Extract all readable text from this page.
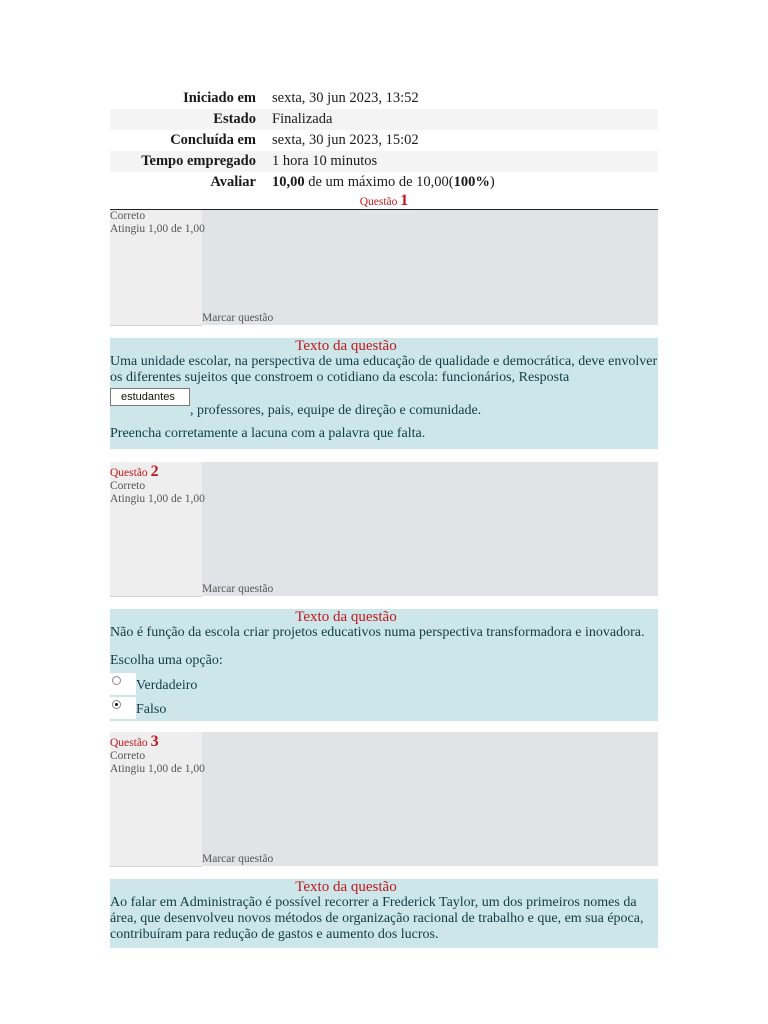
Iniciado em	sexta, 30 jun 2023, 13:52
Estado	Finalizada
Concluída em	sexta, 30 jun 2023, 15:02
Tempo empregado	1 hora 10 minutos
Avaliar	10,00 de um máximo de 10,00(100%)
Questão 1
Correto
Atingiu 1,00 de 1,00
Marcar questão
Texto da questão
Uma unidade escolar, na perspectiva de uma educação de qualidade e democrática, deve envolver os diferentes sujeitos que constroem o cotidiano da escola: funcionários, Resposta
estudantes, professores, pais, equipe de direção e comunidade.
Preencha corretamente a lacuna com a palavra que falta.
Questão 2
Correto
Atingiu 1,00 de 1,00
Marcar questão
Texto da questão
Não é função da escola criar projetos educativos numa perspectiva transformadora e inovadora.
Escolha uma opção:
Verdadeiro
Falso
Questão 3
Correto
Atingiu 1,00 de 1,00
Marcar questão
Texto da questão
Ao falar em Administração é possível recorrer a Frederick Taylor, um dos primeiros nomes da área, que desenvolveu novos métodos de organização racional de trabalho e que, em sua época, contribuíram para redução de gastos e aumento dos lucros.
